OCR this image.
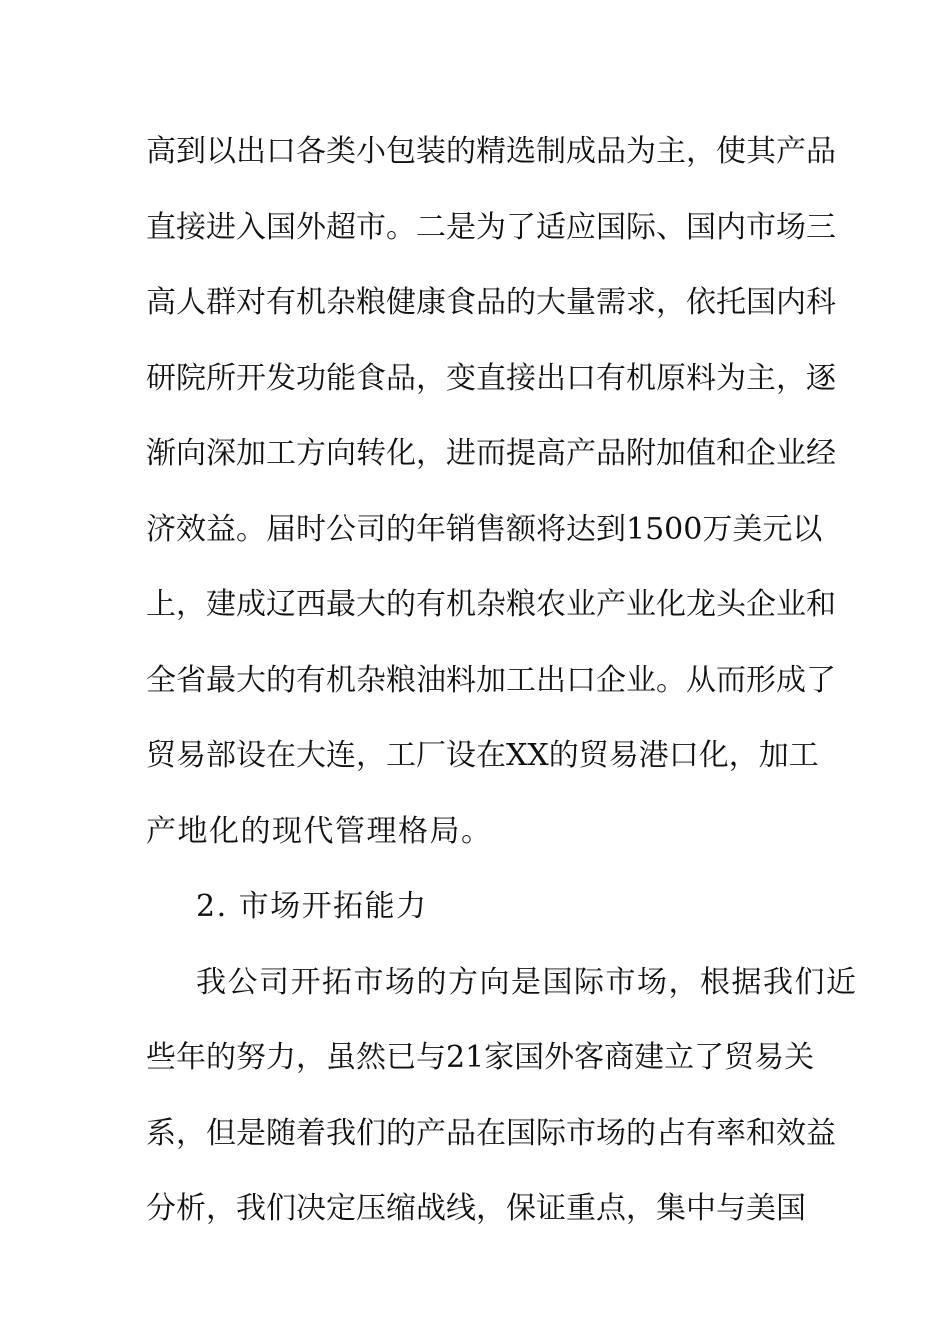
高到以出口各类小包装的精选制成品为主，使其产品
直接进入国外超市。二是为了适应国际、国内市场三
高人群对有机杂粮健康食品的大量需求，依托国内科
研院所开发功能食品，变直接出口有机原料为主，逐
渐向深加工方向转化，进而提高产品附加值和企业经
济效益。届时公司的年销售额将达到1500万美元以
上，建成辽西最大的有机杂粮农业产业化龙头企业和
全省最大的有机杂粮油料加工出口企业。从而形成了
贸易部设在大连，工厂设在XX的贸易港口化，加工
产地化的现代管理格局。
2. 市场开拓能力
我公司开拓市场的方向是国际市场，根据我们近
些年的努力，虽然已与21家国外客商建立了贸易关
系，但是随着我们的产品在国际市场的占有率和效益
分析，我们决定压缩战线，保证重点，集中与美国
